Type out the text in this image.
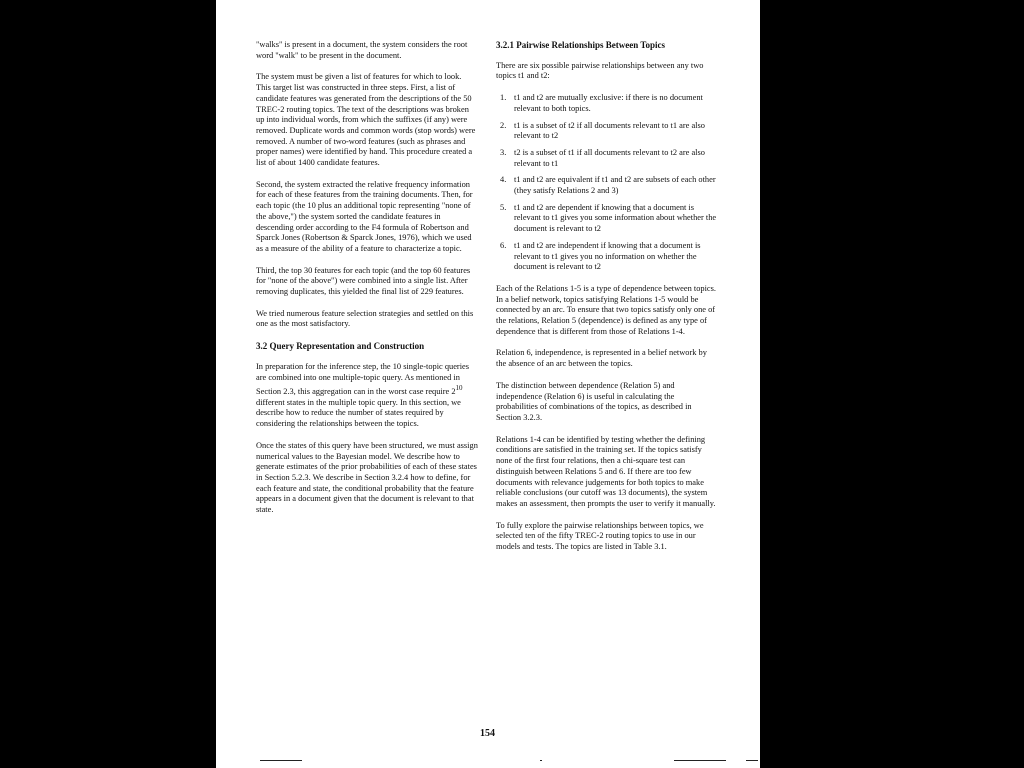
"walks" is present in a document, the system considers the root word "walk" to be present in the document.

The system must be given a list of features for which to look. This target list was constructed in three steps. First, a list of candidate features was generated from the descriptions of the 50 TREC-2 routing topics. The text of the descriptions was broken up into individual words, from which the suffixes (if any) were removed. Duplicate words and common words (stop words) were removed. A number of two-word features (such as phrases and proper names) were identified by hand. This procedure created a list of about 1400 candidate features.

Second, the system extracted the relative frequency information for each of these features from the training documents. Then, for each topic (the 10 plus an additional topic representing "none of the above,") the system sorted the candidate features in descending order according to the F4 formula of Robertson and Sparck Jones (Robertson & Sparck Jones, 1976), which we used as a measure of the ability of a feature to characterize a topic.

Third, the top 30 features for each topic (and the top 60 features for "none of the above") were combined into a single list. After removing duplicates, this yielded the final list of 229 features.

We tried numerous feature selection strategies and settled on this one as the most satisfactory.

3.2 Query Representation and Construction

In preparation for the inference step, the 10 single-topic queries are combined into one multiple-topic query. As mentioned in Section 2.3, this aggregation can in the worst case require $2^{10}$ different states in the multiple topic query. In this section, we describe how to reduce the number of states required by considering the relationships between the topics.

Once the states of this query have been structured, we must assign numerical values to the Bayesian model. We describe how to generate estimates of the prior probabilities of each of these states in Section 5.2.3. We describe in Section 3.2.4 how to define, for each feature and state, the conditional probability that the feature appears in a document given that the document is relevant to that state.

3.2.1 Pairwise Relationships Between Topics

There are six possible pairwise relationships between any two topics t1 and t2:

1. t1 and t2 are mutually exclusive: if there is no document relevant to both topics.
2. t1 is a subset of t2 if all documents relevant to t1 are also relevant to t2
3. t2 is a subset of t1 if all documents relevant to t2 are also relevant to t1
4. t1 and t2 are equivalent if t1 and t2 are subsets of each other (they satisfy Relations 2 and 3)
5. t1 and t2 are dependent if knowing that a document is relevant to t1 gives you some information about whether the document is relevant to t2
6. t1 and t2 are independent if knowing that a document is relevant to t1 gives you no information on whether the document is relevant to t2

Each of the Relations 1-5 is a type of dependence between topics. In a belief network, topics satisfying Relations 1-5 would be connected by an arc. To ensure that two topics satisfy only one of the relations, Relation 5 (dependence) is defined as any type of dependence that is different from those of Relations 1-4.

Relation 6, independence, is represented in a belief network by the absence of an arc between the topics.

The distinction between dependence (Relation 5) and independence (Relation 6) is useful in calculating the probabilities of combinations of the topics, as described in Section 3.2.3.

Relations 1-4 can be identified by testing whether the defining conditions are satisfied in the training set. If the topics satisfy none of the first four relations, then a chi-square test can distinguish between Relations 5 and 6. If there are too few documents with relevance judgements for both topics to make reliable conclusions (our cutoff was 13 documents), the system makes an assessment, then prompts the user to verify it manually.

To fully explore the pairwise relationships between topics, we selected ten of the fifty TREC-2 routing topics to use in our models and tests. The topics are listed in Table 3.1.

154
